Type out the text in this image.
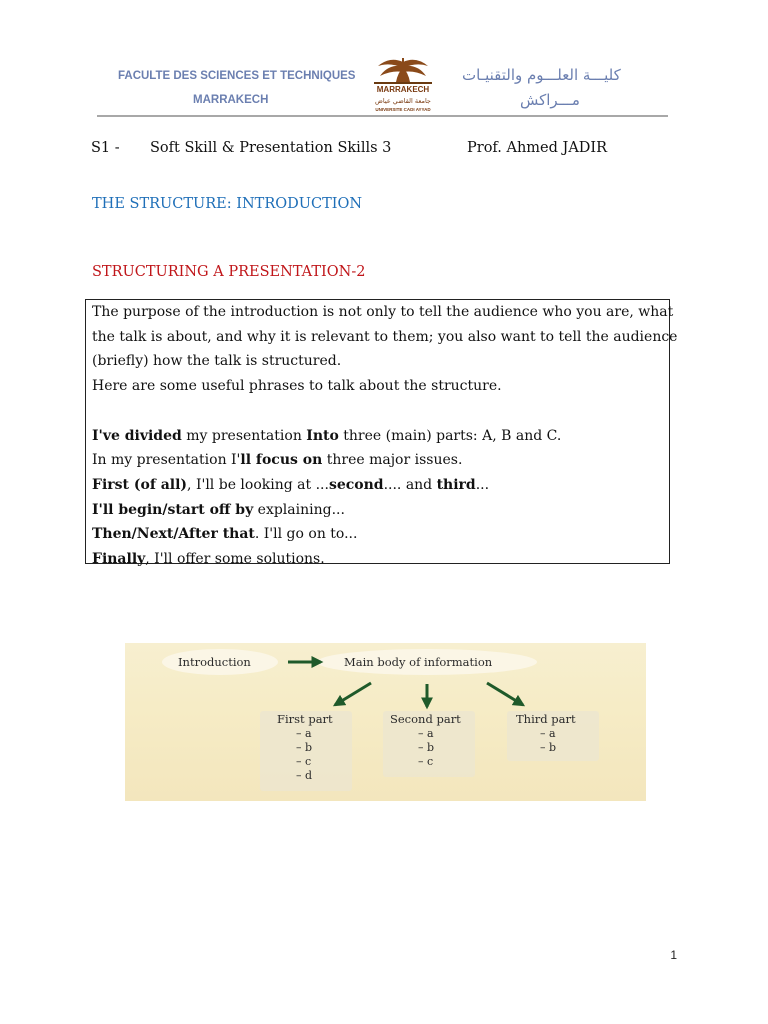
FACULTE DES SCIENCES ET TECHNIQUES
MARRAKECH
MARRAKECH
جامعة القاضي عياض
UNIVERSITE CADI AYYAD
كليـــة العلـــوم والتقنيـات
مـــراكش
S1 - Soft Skill & Presentation Skills 3	Prof. Ahmed JADIR
THE STRUCTURE: INTRODUCTION
STRUCTURING A PRESENTATION-2

The purpose of the introduction is not only to tell the audience who you are, what

the talk is about, and why it is relevant to them; you also want to tell the audience

(briefly) how the talk is structured.

Here are some useful phrases to talk about the structure.

I've divided my presentation Into three (main) parts: A, B and C.

In my presentation I'll focus on three major issues.

First (of all), I'll be looking at ...second.... and third...

I'll begin/start off by explaining...

Then/Next/After that. I'll go on to...

Finally, I'll offer some solutions.

Introduction	Main body of information
First part
– a
– b
– c
– d
Second part
– a
– b
– c
Third part
– a
– b
1
